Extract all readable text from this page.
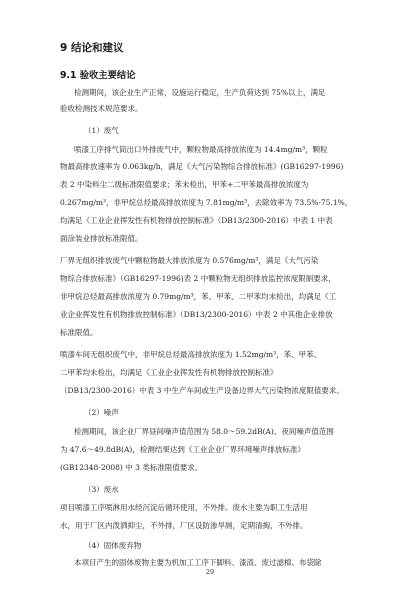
9 结论和建议
9.1 验收主要结论
检测期间，该企业生产正常，设施运行稳定，生产负荷达到 75%以上，满足
验收检测技术规范要求。
（1）废气
喷漆工序排气筒出口外排废气中，颗粒物最高排放浓度为 14.4mg/m³，颗粒
物最高排放速率为 0.063kg/h，满足《大气污染物综合排放标准》(GB16297-1996)
表 2 中染料尘二级标准限值要求；苯未检出，甲苯+二甲苯最高排放浓度为
0.267mg/m³，非甲烷总烃最高排放浓度为 7.81mg/m³，去除效率为 73.5%-75.1%，
均满足《工业企业挥发性有机物排放控制标准》（DB13/2300-2016）中表 1 中表
面涂装业排放标准限值。
厂界无组织排放废气中颗粒物最大排放浓度为 0.576mg/m³，满足《大气污染
物综合排放标准》（GB16297-1996)表 2 中颗粒物无组织排放监控浓度限制要求，
非甲烷总烃最高排放浓度为 0.79mg/m³，苯、甲苯、二甲苯均未检出，均满足《工
业企业挥发性有机物排放控制标准》（DB13/2300-2016）中表 2 中其他企业排放
标准限值。
喷漆车间无组织废气中，非甲烷总烃最高排放浓度为 1.52mg/m³，苯、甲苯、
二甲苯均未检出，均满足《工业企业挥发性有机物排放控制标准》
（DB13/2300-2016）中表 3 中生产车间或生产设备边界大气污染物浓度限值要求。
（2）噪声
检测期间，该企业厂界昼间噪声值范围为 58.0～59.2dB(A)、夜间噪声值范围
为 47.6～49.8dB(A)，检测结果达到《工业企业厂界环境噪声排放标准》
(GB12348-2008) 中 3 类标准限值要求。
（3）废水
项目喷漆工序喷淋用水经沉淀后循环使用，不外排。废水主要为职工生活用
水，用于厂区内泼洒抑尘，不外排，厂区设防渗旱厕，定期清掏，不外排。
（4）固体废弃物
本项目产生的固体废物主要为机加工工序下脚料、漆渣、废过滤棉、布袋除
29
